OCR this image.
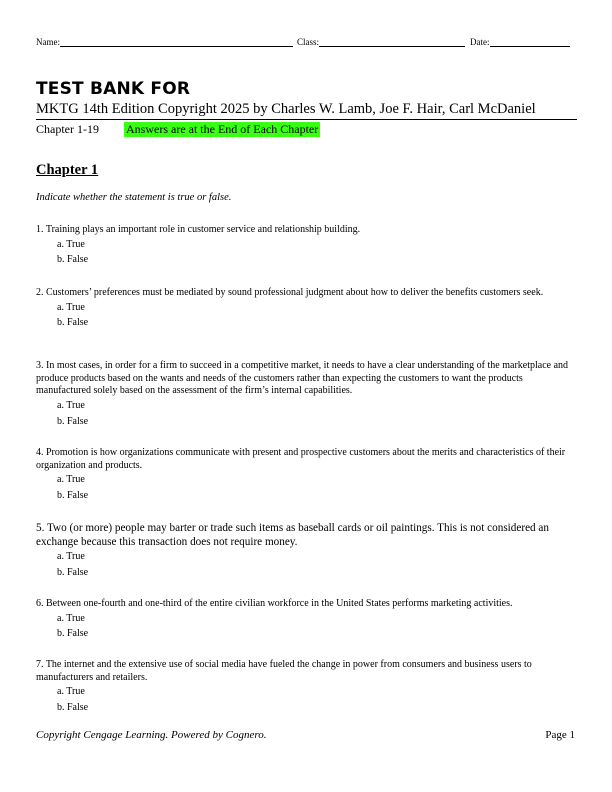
Name:	Class:	Date:
TEST BANK FOR
MKTG 14th Edition Copyright 2025 by Charles W. Lamb, Joe F. Hair, Carl McDaniel
Chapter 1-19 Answers are at the End of Each Chapter
Chapter 1
Indicate whether the statement is true or false.

1. Training plays an important role in customer service and relationship building.

a. True
b. False

2. Customers’ preferences must be mediated by sound professional judgment about how to deliver the benefits customers seek.

a. True
b. False

3. In most cases, in order for a firm to succeed in a competitive market, it needs to have a clear understanding of the marketplace and produce products based on the wants and needs of the customers rather than expecting the customers to want the products manufactured solely based on the assessment of the firm’s internal capabilities.

a. True
b. False

4. Promotion is how organizations communicate with present and prospective customers about the merits and characteristics of their organization and products.

a. True
b. False

5. Two (or more) people may barter or trade such items as baseball cards or oil paintings. This is not considered an exchange because this transaction does not require money.

a. True
b. False

6. Between one-fourth and one-third of the entire civilian workforce in the United States performs marketing activities.

a. True
b. False

7. The internet and the extensive use of social media have fueled the change in power from consumers and business users to manufacturers and retailers.

a. True
b. False
Copyright Cengage Learning. Powered by Cognero.	Page 1
